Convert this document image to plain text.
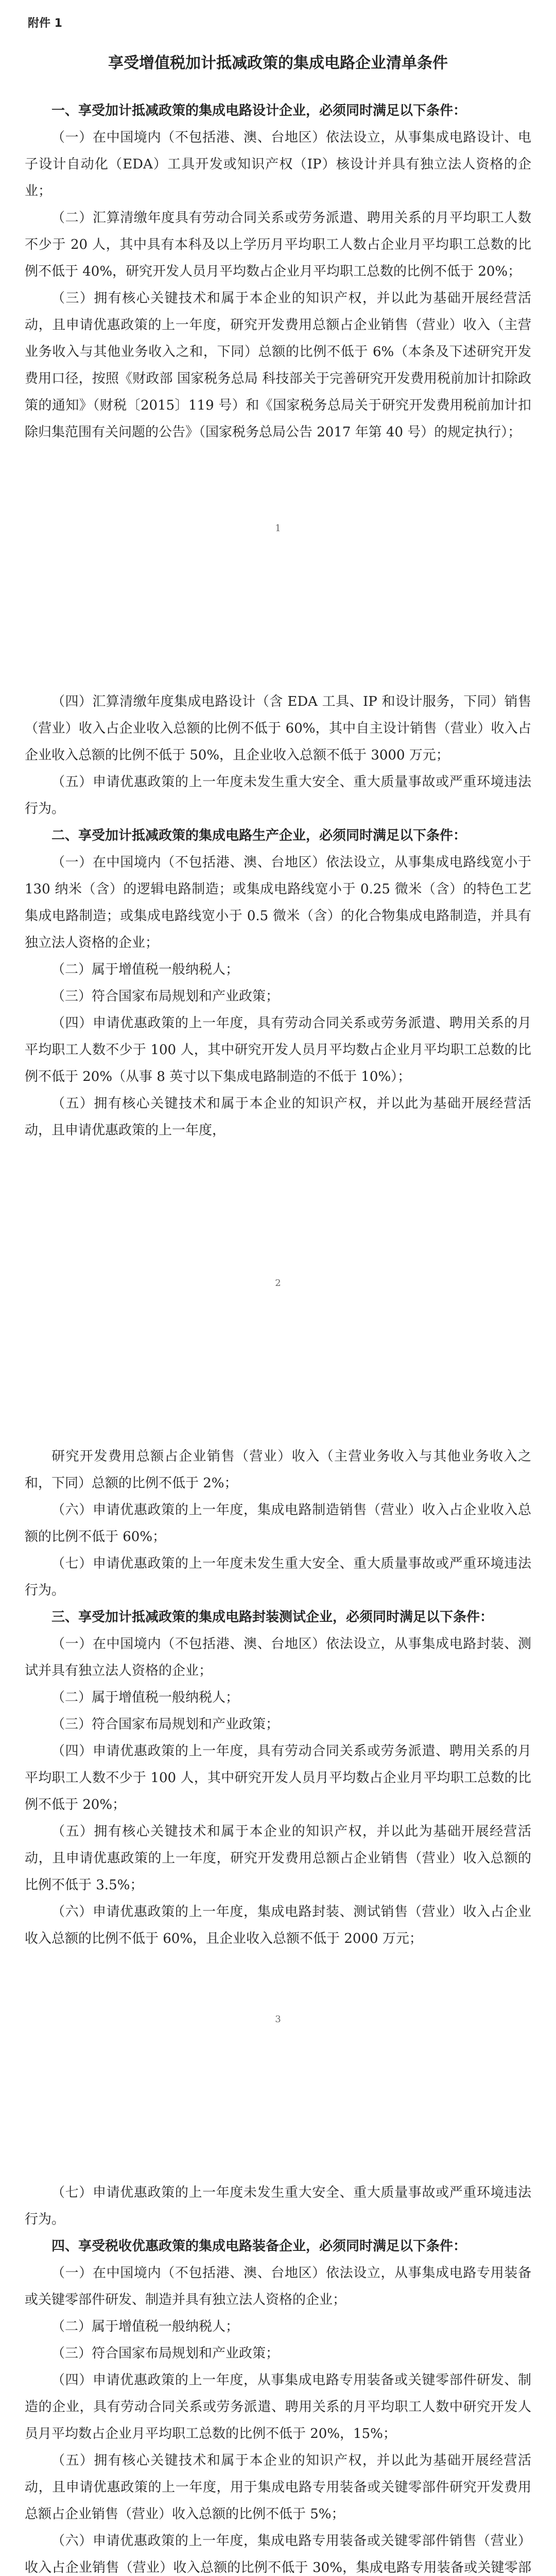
附件 1
享受增值税加计抵减政策的集成电路企业清单条件

一、享受加计抵减政策的集成电路设计企业，必须同时满足以下条件：

（一）在中国境内（不包括港、澳、台地区）依法设立，从事集成电路设计、电子设计自动化（EDA）工具开发或知识产权（IP）核设计并具有独立法人资格的企业；

（二）汇算清缴年度具有劳动合同关系或劳务派遣、聘用关系的月平均职工人数不少于 20 人，其中具有本科及以上学历月平均职工人数占企业月平均职工总数的比例不低于 40%，研究开发人员月平均数占企业月平均职工总数的比例不低于 20%；

（三）拥有核心关键技术和属于本企业的知识产权，并以此为基础开展经营活动，且申请优惠政策的上一年度，研究开发费用总额占企业销售（营业）收入（主营业务收入与其他业务收入之和，下同）总额的比例不低于 6%（本条及下述研究开发费用口径，按照《财政部 国家税务总局 科技部关于完善研究开发费用税前加计扣除政策的通知》（财税〔2015〕119 号）和《国家税务总局关于研究开发费用税前加计扣除归集范围有关问题的公告》（国家税务总局公告 2017 年第 40 号）的规定执行）；

1

（四）汇算清缴年度集成电路设计（含 EDA 工具、IP 和设计服务，下同）销售（营业）收入占企业收入总额的比例不低于 60%，其中自主设计销售（营业）收入占企业收入总额的比例不低于 50%，且企业收入总额不低于 3000 万元；

（五）申请优惠政策的上一年度未发生重大安全、重大质量事故或严重环境违法行为。

二、享受加计抵减政策的集成电路生产企业，必须同时满足以下条件：

（一）在中国境内（不包括港、澳、台地区）依法设立，从事集成电路线宽小于 130 纳米（含）的逻辑电路制造；或集成电路线宽小于 0.25 微米（含）的特色工艺集成电路制造；或集成电路线宽小于 0.5 微米（含）的化合物集成电路制造，并具有独立法人资格的企业；

（二）属于增值税一般纳税人；

（三）符合国家布局规划和产业政策；

（四）申请优惠政策的上一年度，具有劳动合同关系或劳务派遣、聘用关系的月平均职工人数不少于 100 人，其中研究开发人员月平均数占企业月平均职工总数的比例不低于 20%（从事 8 英寸以下集成电路制造的不低于 10%）；

（五）拥有核心关键技术和属于本企业的知识产权，并以此为基础开展经营活动，且申请优惠政策的上一年度，

2

研究开发费用总额占企业销售（营业）收入（主营业务收入与其他业务收入之和，下同）总额的比例不低于 2%；

（六）申请优惠政策的上一年度，集成电路制造销售（营业）收入占企业收入总额的比例不低于 60%；

（七）申请优惠政策的上一年度未发生重大安全、重大质量事故或严重环境违法行为。

三、享受加计抵减政策的集成电路封装测试企业，必须同时满足以下条件：

（一）在中国境内（不包括港、澳、台地区）依法设立，从事集成电路封装、测试并具有独立法人资格的企业；

（二）属于增值税一般纳税人；

（三）符合国家布局规划和产业政策；

（四）申请优惠政策的上一年度，具有劳动合同关系或劳务派遣、聘用关系的月平均职工人数不少于 100 人，其中研究开发人员月平均数占企业月平均职工总数的比例不低于 20%；

（五）拥有核心关键技术和属于本企业的知识产权，并以此为基础开展经营活动，且申请优惠政策的上一年度，研究开发费用总额占企业销售（营业）收入总额的比例不低于 3.5%；

（六）申请优惠政策的上一年度，集成电路封装、测试销售（营业）收入占企业收入总额的比例不低于 60%，且企业收入总额不低于 2000 万元；

3

（七）申请优惠政策的上一年度未发生重大安全、重大质量事故或严重环境违法行为。

四、享受税收优惠政策的集成电路装备企业，必须同时满足以下条件：

（一）在中国境内（不包括港、澳、台地区）依法设立，从事集成电路专用装备或关键零部件研发、制造并具有独立法人资格的企业；

（二）属于增值税一般纳税人；

（三）符合国家布局规划和产业政策；

（四）申请优惠政策的上一年度，从事集成电路专用装备或关键零部件研发、制造的企业，具有劳动合同关系或劳务派遣、聘用关系的月平均职工人数中研究开发人员月平均数占企业月平均职工总数的比例不低于 20%，15%；

（五）拥有核心关键技术和属于本企业的知识产权，并以此为基础开展经营活动，且申请优惠政策的上一年度，用于集成电路专用装备或关键零部件研究开发费用总额占企业销售（营业）收入总额的比例不低于 5%；

（六）申请优惠政策的上一年度，集成电路专用装备或关键零部件销售（营业）收入占企业销售（营业）收入总额的比例不低于 30%，集成电路专用装备或关键零部
